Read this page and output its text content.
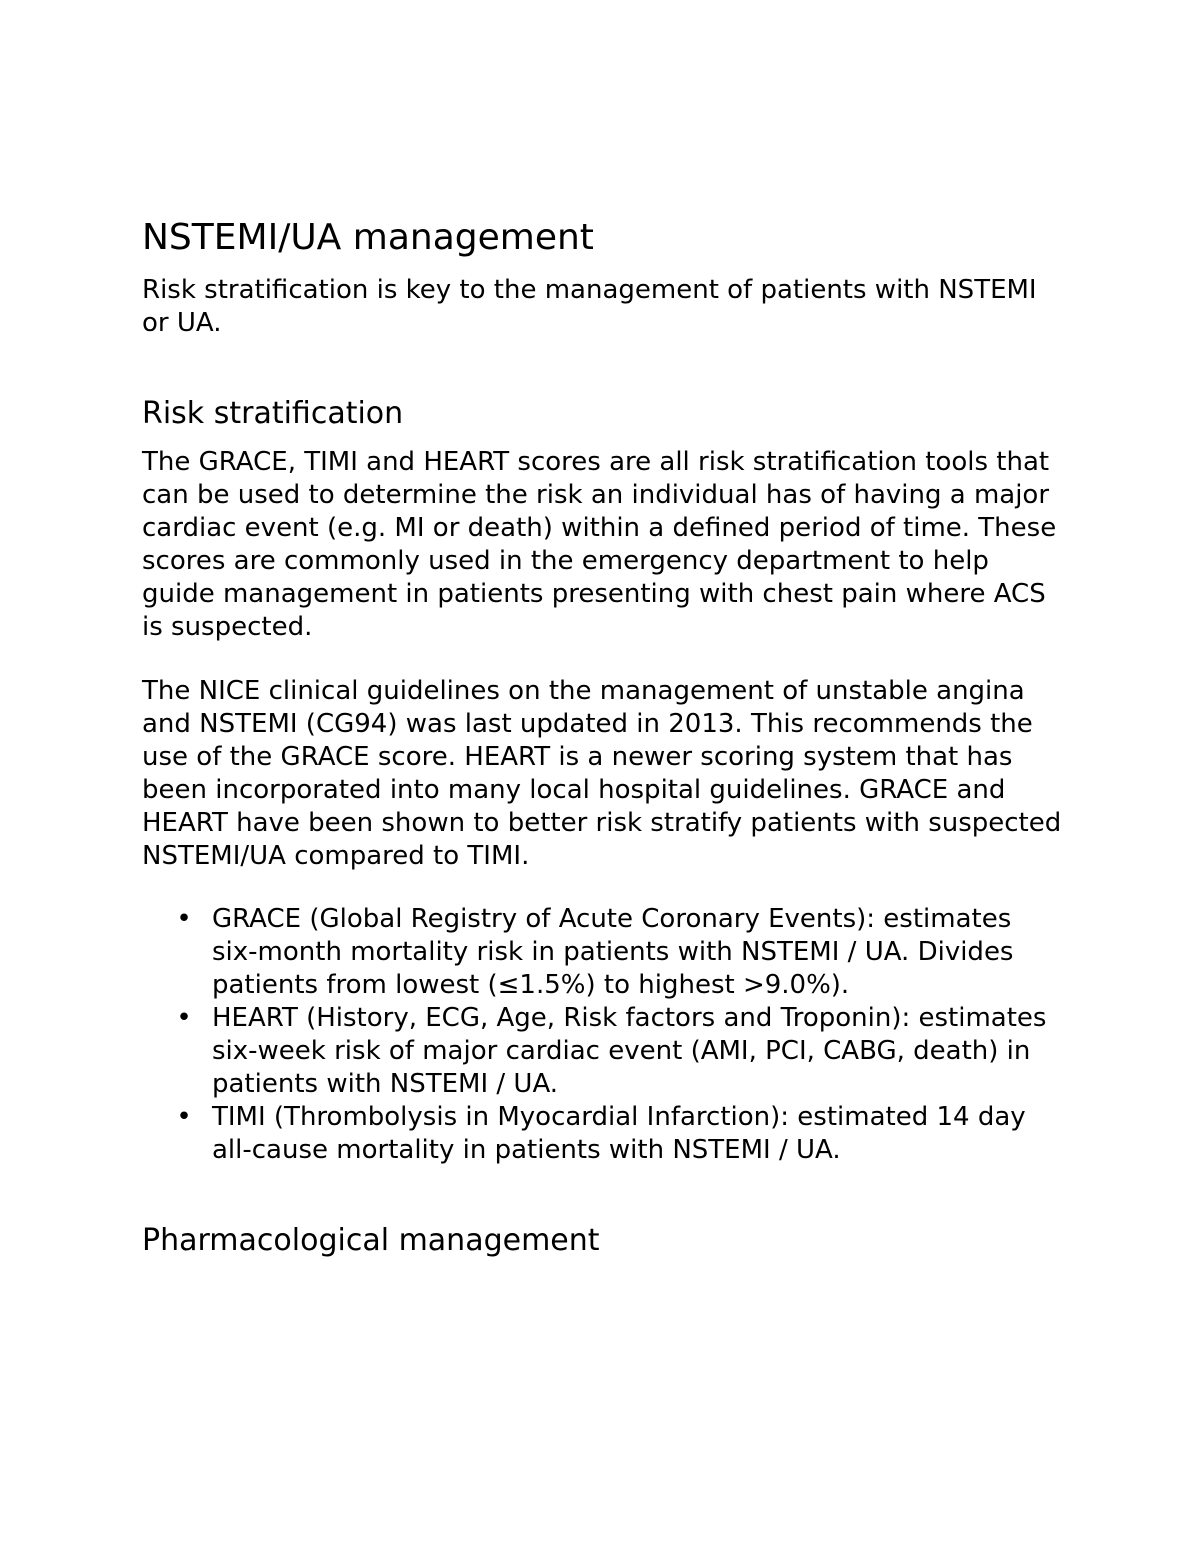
NSTEMI/UA management

Risk stratification is key to the management of patients with NSTEMI or UA.

Risk stratification

The GRACE, TIMI and HEART scores are all risk stratification tools that can be used to determine the risk an individual has of having a major cardiac event (e.g. MI or death) within a defined period of time. These scores are commonly used in the emergency department to help guide management in patients presenting with chest pain where ACS is suspected.

The NICE clinical guidelines on the management of unstable angina and NSTEMI (CG94) was last updated in 2013. This recommends the use of the GRACE score. HEART is a newer scoring system that has been incorporated into many local hospital guidelines. GRACE and HEART have been shown to better risk stratify patients with suspected NSTEMI/UA compared to TIMI.

• GRACE (Global Registry of Acute Coronary Events): estimates six-month mortality risk in patients with NSTEMI / UA. Divides patients from lowest (≤1.5%) to highest >9.0%).
• HEART (History, ECG, Age, Risk factors and Troponin): estimates six-week risk of major cardiac event (AMI, PCI, CABG, death) in patients with NSTEMI / UA.
• TIMI (Thrombolysis in Myocardial Infarction): estimated 14 day all-cause mortality in patients with NSTEMI / UA.
Pharmacological management
